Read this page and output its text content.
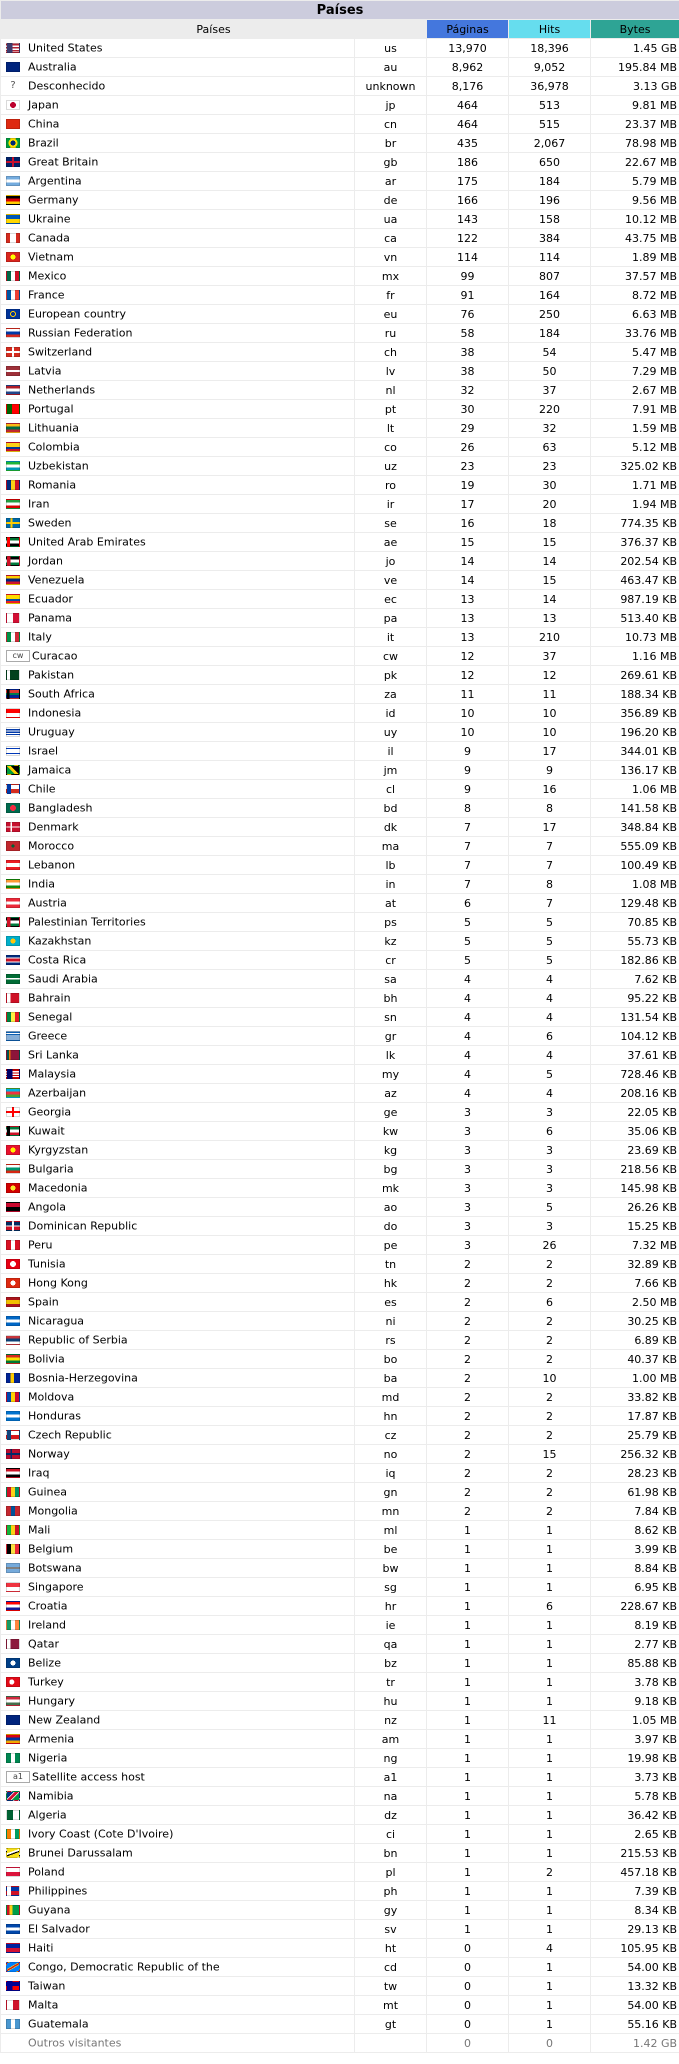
Países				
Países		Páginas	Hits	Bytes
United States	us	13,970	18,396	1.45 GB
Australia	au	8,962	9,052	195.84 MB
? Desconhecido	unknown	8,176	36,978	3.13 GB
Japan	jp	464	513	9.81 MB
China	cn	464	515	23.37 MB
Brazil	br	435	2,067	78.98 MB
Great Britain	gb	186	650	22.67 MB
Argentina	ar	175	184	5.79 MB
Germany	de	166	196	9.56 MB
Ukraine	ua	143	158	10.12 MB
Canada	ca	122	384	43.75 MB
Vietnam	vn	114	114	1.89 MB
Mexico	mx	99	807	37.57 MB
France	fr	91	164	8.72 MB
European country	eu	76	250	6.63 MB
Russian Federation	ru	58	184	33.76 MB
Switzerland	ch	38	54	5.47 MB
Latvia	lv	38	50	7.29 MB
Netherlands	nl	32	37	2.67 MB
Portugal	pt	30	220	7.91 MB
Lithuania	lt	29	32	1.59 MB
Colombia	co	26	63	5.12 MB
Uzbekistan	uz	23	23	325.02 KB
Romania	ro	19	30	1.71 MB
Iran	ir	17	20	1.94 MB
Sweden	se	16	18	774.35 KB
United Arab Emirates	ae	15	15	376.37 KB
Jordan	jo	14	14	202.54 KB
Venezuela	ve	14	15	463.47 KB
Ecuador	ec	13	14	987.19 KB
Panama	pa	13	13	513.40 KB
Italy	it	13	210	10.73 MB
cw Curacao	cw	12	37	1.16 MB
Pakistan	pk	12	12	269.61 KB
South Africa	za	11	11	188.34 KB
Indonesia	id	10	10	356.89 KB
Uruguay	uy	10	10	196.20 KB
Israel	il	9	17	344.01 KB
Jamaica	jm	9	9	136.17 KB
Chile	cl	9	16	1.06 MB
Bangladesh	bd	8	8	141.58 KB
Denmark	dk	7	17	348.84 KB
Morocco	ma	7	7	555.09 KB
Lebanon	lb	7	7	100.49 KB
India	in	7	8	1.08 MB
Austria	at	6	7	129.48 KB
Palestinian Territories	ps	5	5	70.85 KB
Kazakhstan	kz	5	5	55.73 KB
Costa Rica	cr	5	5	182.86 KB
Saudi Arabia	sa	4	4	7.62 KB
Bahrain	bh	4	4	95.22 KB
Senegal	sn	4	4	131.54 KB
Greece	gr	4	6	104.12 KB
Sri Lanka	lk	4	4	37.61 KB
Malaysia	my	4	5	728.46 KB
Azerbaijan	az	4	4	208.16 KB
Georgia	ge	3	3	22.05 KB
Kuwait	kw	3	6	35.06 KB
Kyrgyzstan	kg	3	3	23.69 KB
Bulgaria	bg	3	3	218.56 KB
Macedonia	mk	3	3	145.98 KB
Angola	ao	3	5	26.26 KB
Dominican Republic	do	3	3	15.25 KB
Peru	pe	3	26	7.32 MB
Tunisia	tn	2	2	32.89 KB
Hong Kong	hk	2	2	7.66 KB
Spain	es	2	6	2.50 MB
Nicaragua	ni	2	2	30.25 KB
Republic of Serbia	rs	2	2	6.89 KB
Bolivia	bo	2	2	40.37 KB
Bosnia-Herzegovina	ba	2	10	1.00 MB
Moldova	md	2	2	33.82 KB
Honduras	hn	2	2	17.87 KB
Czech Republic	cz	2	2	25.79 KB
Norway	no	2	15	256.32 KB
Iraq	iq	2	2	28.23 KB
Guinea	gn	2	2	61.98 KB
Mongolia	mn	2	2	7.84 KB
Mali	ml	1	1	8.62 KB
Belgium	be	1	1	3.99 KB
Botswana	bw	1	1	8.84 KB
Singapore	sg	1	1	6.95 KB
Croatia	hr	1	6	228.67 KB
Ireland	ie	1	1	8.19 KB
Qatar	qa	1	1	2.77 KB
Belize	bz	1	1	85.88 KB
Turkey	tr	1	1	3.78 KB
Hungary	hu	1	1	9.18 KB
New Zealand	nz	1	11	1.05 MB
Armenia	am	1	1	3.97 KB
Nigeria	ng	1	1	19.98 KB
a1 Satellite access host	a1	1	1	3.73 KB
Namibia	na	1	1	5.78 KB
Algeria	dz	1	1	36.42 KB
Ivory Coast (Cote D'Ivoire)	ci	1	1	2.65 KB
Brunei Darussalam	bn	1	1	215.53 KB
Poland	pl	1	2	457.18 KB
Philippines	ph	1	1	7.39 KB
Guyana	gy	1	1	8.34 KB
El Salvador	sv	1	1	29.13 KB
Haiti	ht	0	4	105.95 KB
Congo, Democratic Republic of the	cd	0	1	54.00 KB
Taiwan	tw	0	1	13.32 KB
Malta	mt	0	1	54.00 KB
Guatemala	gt	0	1	55.16 KB
Outros visitantes		0	0	1.42 GB
